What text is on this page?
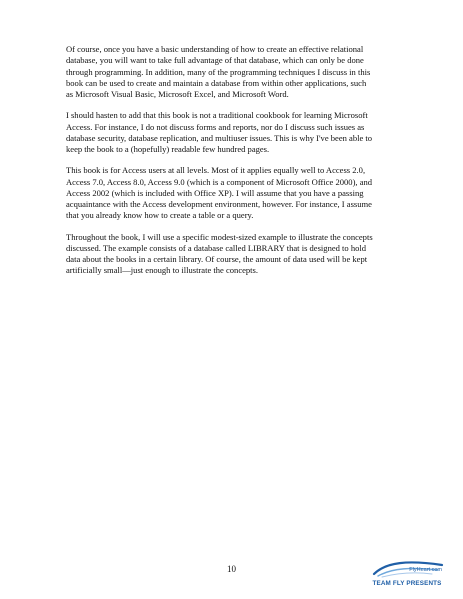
Of course, once you have a basic understanding of how to create an effective relational
database, you will want to take full advantage of that database, which can only be done
through programming. In addition, many of the programming techniques I discuss in this
book can be used to create and maintain a database from within other applications, such
as Microsoft Visual Basic, Microsoft Excel, and Microsoft Word.

I should hasten to add that this book is not a traditional cookbook for learning Microsoft
Access. For instance, I do not discuss forms and reports, nor do I discuss such issues as
database security, database replication, and multiuser issues. This is why I've been able to
keep the book to a (hopefully) readable few hundred pages.

This book is for Access users at all levels. Most of it applies equally well to Access 2.0,
Access 7.0, Access 8.0, Access 9.0 (which is a component of Microsoft Office 2000), and
Access 2002 (which is included with Office XP). I will assume that you have a passing
acquaintance with the Access development environment, however. For instance, I assume
that you already know how to create a table or a query.

Throughout the book, I will use a specific modest-sized example to illustrate the concepts
discussed. The example consists of a database called LIBRARY that is designed to hold
data about the books in a certain library. Of course, the amount of data used will be kept
artificially small—just enough to illustrate the concepts.

10	FlyHeart.com
TEAM FLY PRESENTS
